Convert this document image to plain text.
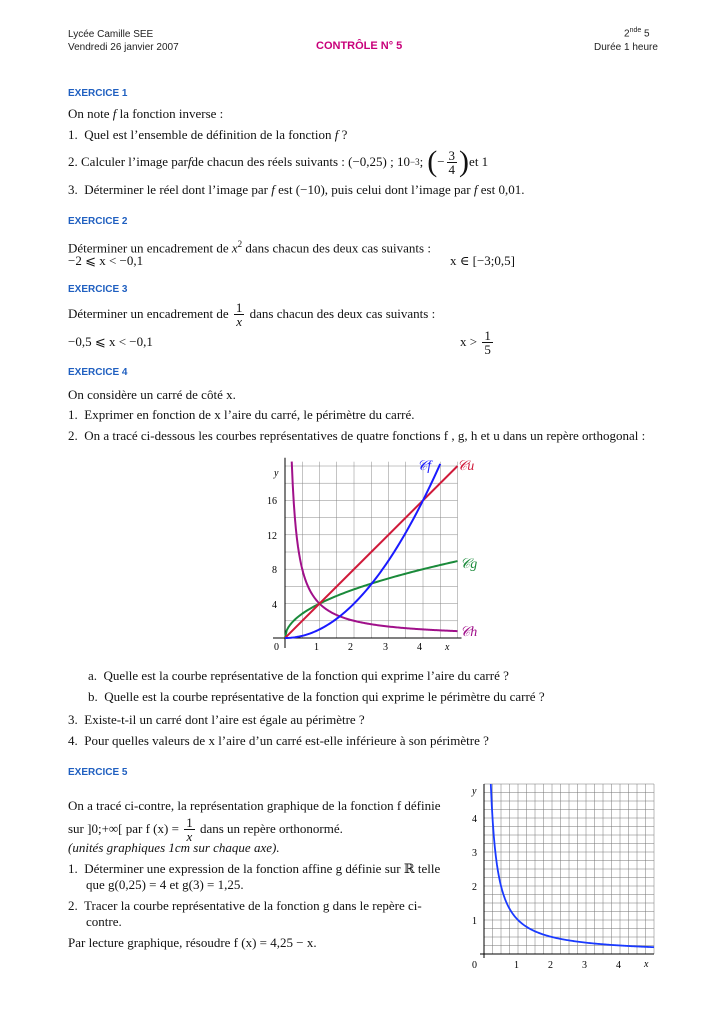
Lycée Camille SEE
Vendredi 26 janvier 2007	CONTRÔLE N° 5
2nde 5
Durée 1 heure
EXERCICE 1
On note f la fonction inverse :
1. Quel est l’ensemble de définition de la fonction f ?
2.
Calculer l’image par f de chacun des réels suivants : (−0,25) ; 10 −3 ; ( − $\frac{3}{4}$ ) et 1
3. Déterminer le réel dont l’image par f est (−10), puis celui dont l’image par f est 0,01.
EXERCICE 2
Déterminer un encadrement de $x^2$ dans chacun des deux cas suivants :
−2 ⩽ x < −0,1	x ∈ [−3;0,5]
EXERCICE 3
Déterminer un encadrement de
$\frac{1}{x}$
dans chacun des deux cas suivants :
−0,5 ⩽ x < −0,1	x >
$\frac{1}{5}$
EXERCICE 4
On considère un carré de côté x.
1. Exprimer en fonction de x l’aire du carré, le périmètre du carré.
2. On a tracé ci-dessous les courbes représentatives de quatre fonctions f , g, h et u dans un repère orthogonal :
y
x
0	1	2	3	4
4
8
12
16
𝒞f 𝒞u
𝒞g
𝒞h
a. Quelle est la courbe représentative de la fonction qui exprime l’aire du carré ?
b. Quelle est la courbe représentative de la fonction qui exprime le périmètre du carré ?
3. Existe-t-il un carré dont l’aire est égale au périmètre ?
4. Pour quelles valeurs de x l’aire d’un carré est-elle inférieure à son périmètre ?
EXERCICE 5
On a tracé ci-contre, la représentation graphique de la fonction f définie
sur ]0;+∞[ par f (x) =
$\frac{1}{x}$
dans un repère orthonormé.
(unités graphiques 1cm sur chaque axe).
1. Déterminer une expression de la fonction affine g définie sur ℝ telle
que g(0,25) = 4 et g(3) = 1,25.
2. Tracer la courbe représentative de la fonction g dans le repère ci-
contre.
Par lecture graphique, résoudre f (x) = 4,25 − x.
y
x
0	1	2	3	4
1
2
3
4
